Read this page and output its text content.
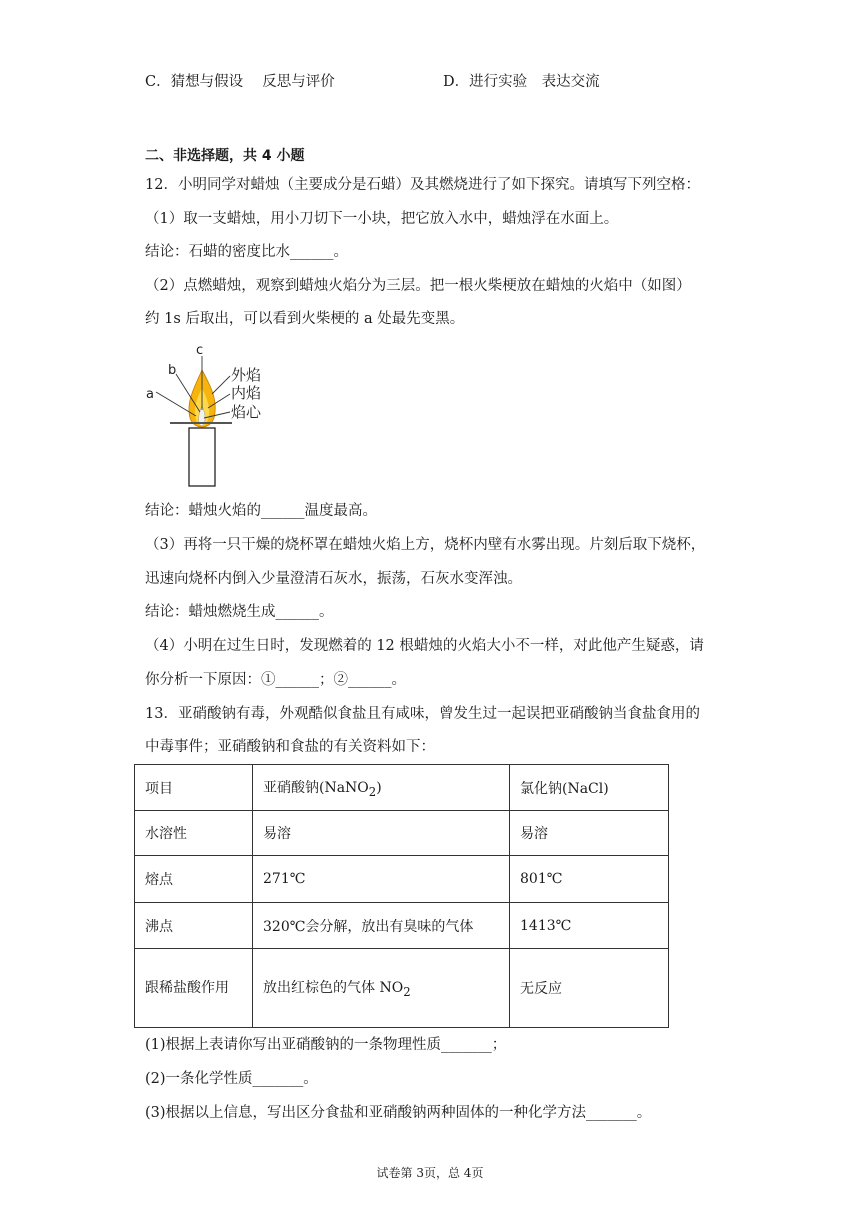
C．猜想与假设　 反思与评价	D．进行实验　表达交流
二、非选择题，共 4 小题
12．小明同学对蜡烛（主要成分是石蜡）及其燃烧进行了如下探究。请填写下列空格：
（1）取一支蜡烛，用小刀切下一小块，把它放入水中，蜡烛浮在水面上。
结论：石蜡的密度比水______。
（2）点燃蜡烛，观察到蜡烛火焰分为三层。把一根火柴梗放在蜡烛的火焰中（如图）
约 1s 后取出，可以看到火柴梗的 a 处最先变黑。
a
b
c
外焰
内焰
焰心
结论：蜡烛火焰的______温度最高。
（3）再将一只干燥的烧杯罩在蜡烛火焰上方，烧杯内壁有水雾出现。片刻后取下烧杯，
迅速向烧杯内倒入少量澄清石灰水，振荡，石灰水变浑浊。
结论：蜡烛燃烧生成______。
（4）小明在过生日时，发现燃着的 12 根蜡烛的火焰大小不一样，对此他产生疑惑，请
你分析一下原因：①______；②______。
13．亚硝酸钠有毒，外观酷似食盐且有咸味，曾发生过一起误把亚硝酸钠当食盐食用的
中毒事件；亚硝酸钠和食盐的有关资料如下：
项目	亚硝酸钠(NaNO$_2$)	氯化钠(NaCl)
水溶性	易溶	易溶
熔点	271℃	801℃
沸点	320℃会分解，放出有臭味的气体	1413℃

跟稀盐酸作用	放出红棕色的气体 $NO_2$	无反应
(1)根据上表请你写出亚硝酸钠的一条物理性质_______；
(2)一条化学性质_______。
(3)根据以上信息，写出区分食盐和亚硝酸钠两种固体的一种化学方法_______。
试卷第 3页，总 4页
